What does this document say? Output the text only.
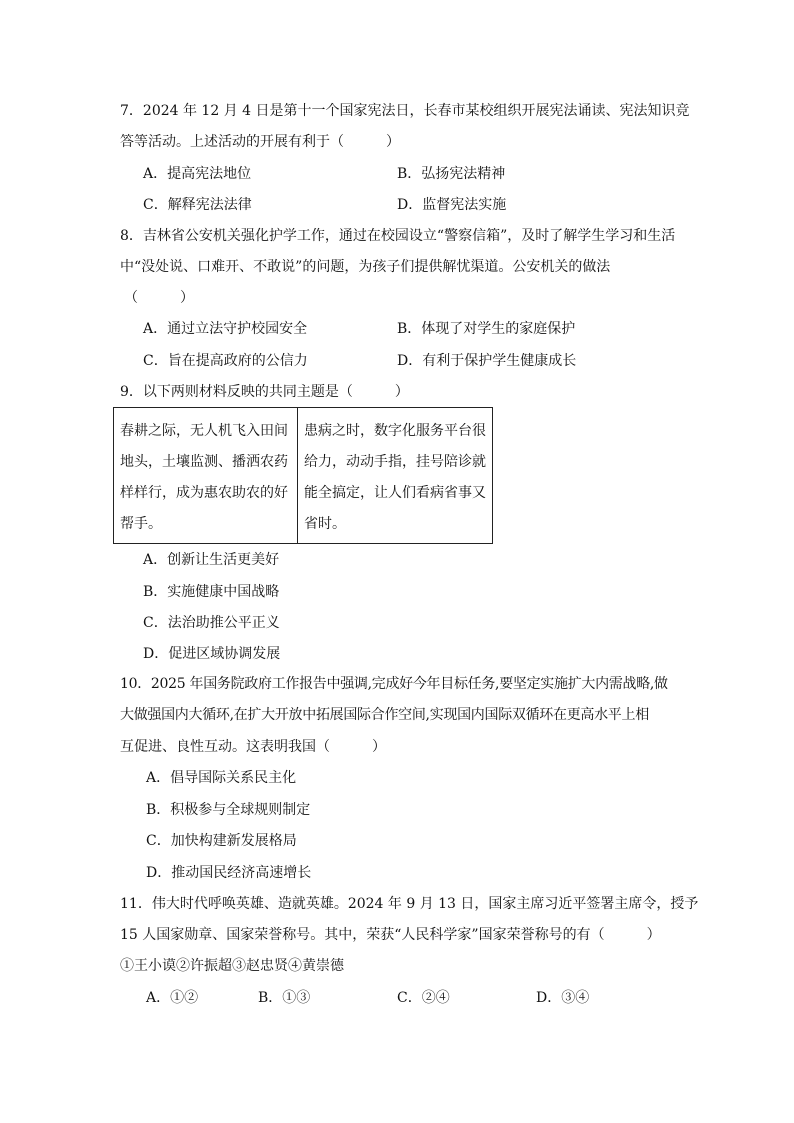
7．2024 年 12 月 4 日是第十一个国家宪法日，长春市某校组织开展宪法诵读、宪法知识竞
答等活动。上述活动的开展有利于（　　　）
A．提高宪法地位	B．弘扬宪法精神
C．解释宪法法律	D．监督宪法实施
8．吉林省公安机关强化护学工作，通过在校园设立“警察信箱”，及时了解学生学习和生活
中“没处说、口难开、不敢说”的问题，为孩子们提供解忧渠道。公安机关的做法
（　　　）
A．通过立法守护校园安全	B．体现了对学生的家庭保护
C．旨在提高政府的公信力	D．有利于保护学生健康成长
9．以下两则材料反映的共同主题是（　　　）
春耕之际，无人机飞入田间地头，土壤监测、播洒农药样样行，成为惠农助农的好帮手。
患病之时，数字化服务平台很给力，动动手指，挂号陪诊就能全搞定，让人们看病省事又省时。
A．创新让生活更美好
B．实施健康中国战略
C．法治助推公平正义
D．促进区域协调发展
10．2025 年国务院政府工作报告中强调,完成好今年目标任务,要坚定实施扩大内需战略,做
大做强国内大循环,在扩大开放中拓展国际合作空间,实现国内国际双循环在更高水平上相
互促进、良性互动。这表明我国（　　　）
A．倡导国际关系民主化
B．积极参与全球规则制定
C．加快构建新发展格局
D．推动国民经济高速增长
11．伟大时代呼唤英雄、造就英雄。2024 年 9 月 13 日，国家主席习近平签署主席令，授予
15 人国家勋章、国家荣誉称号。其中，荣获“人民科学家”国家荣誉称号的有（　　　）
①王小谟②许振超③赵忠贤④黄崇德
A．①②	B．①③	C．②④	D．③④
